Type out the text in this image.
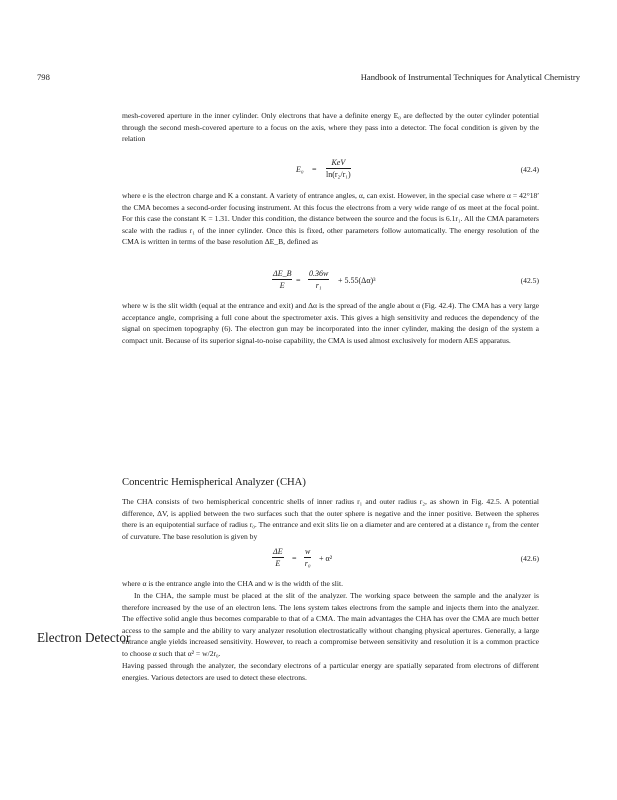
798	Handbook of Instrumental Techniques for Analytical Chemistry

mesh-covered aperture in the inner cylinder. Only electrons that have a definite energy E₀ are deflected by the outer cylinder potential through the second mesh-covered aperture to a focus on the axis, where they pass into a detector. The focal condition is given by the relation

E₀ =
KeV
ln(r₂/r₁)
(42.4)

where e is the electron charge and K a constant. A variety of entrance angles, α, can exist. However, in the special case where α = 42°18′ the CMA becomes a second-order focusing instrument. At this focus the electrons from a very wide range of αs meet at the focal point. For this case the constant K = 1.31. Under this condition, the distance between the source and the focus is 6.1r₁. All the CMA parameters scale with the radius r₁ of the inner cylinder. Once this is fixed, other parameters follow automatically. The energy resolution of the CMA is written in terms of the base resolution ΔE_B, defined as

$\frac{\Delta E\_B}{E} = \frac{0.36w}{\text{r₁}} + 5.55(\Delta\alpha)^3$	(42.5)

where w is the slit width (equal at the entrance and exit) and Δα is the spread of the angle about α (Fig. 42.4). The CMA has a very large acceptance angle, comprising a full cone about the spectrometer axis. This gives a high sensitivity and reduces the dependency of the signal on specimen topography (6). The electron gun may be incorporated into the inner cylinder, making the design of the system a compact unit. Because of its superior signal-to-noise capability, the CMA is used almost exclusively for modern AES apparatus.

Concentric Hemispherical Analyzer (CHA)

The CHA consists of two hemispherical concentric shells of inner radius r₁ and outer radius r₂, as shown in Fig. 42.5. A potential difference, ΔV, is applied between the two surfaces such that the outer sphere is negative and the inner positive. Between the spheres there is an equipotential surface of radius r₀. The entrance and exit slits lie on a diameter and are centered at a distance r₀ from the center of curvature. The base resolution is given by

$\frac{\Delta E}{E} = \frac{w}{\text{r₀}} + \alpha^2$	(42.6)

where α is the entrance angle into the CHA and w is the width of the slit.

In the CHA, the sample must be placed at the slit of the analyzer. The working space between the sample and the analyzer is therefore increased by the use of an electron lens. The lens system takes electrons from the sample and injects them into the analyzer. The effective solid angle thus becomes comparable to that of a CMA. The main advantages the CHA has over the CMA are much better access to the sample and the ability to vary analyzer resolution electrostatically without changing physical apertures. Generally, a large entrance angle yields increased sensitivity. However, to reach a compromise between sensitivity and resolution it is a common practice to choose α such that α² = w/2r₀.

Electron Detector

Having passed through the analyzer, the secondary electrons of a particular energy are spatially separated from electrons of different energies. Various detectors are used to detect these electrons.
